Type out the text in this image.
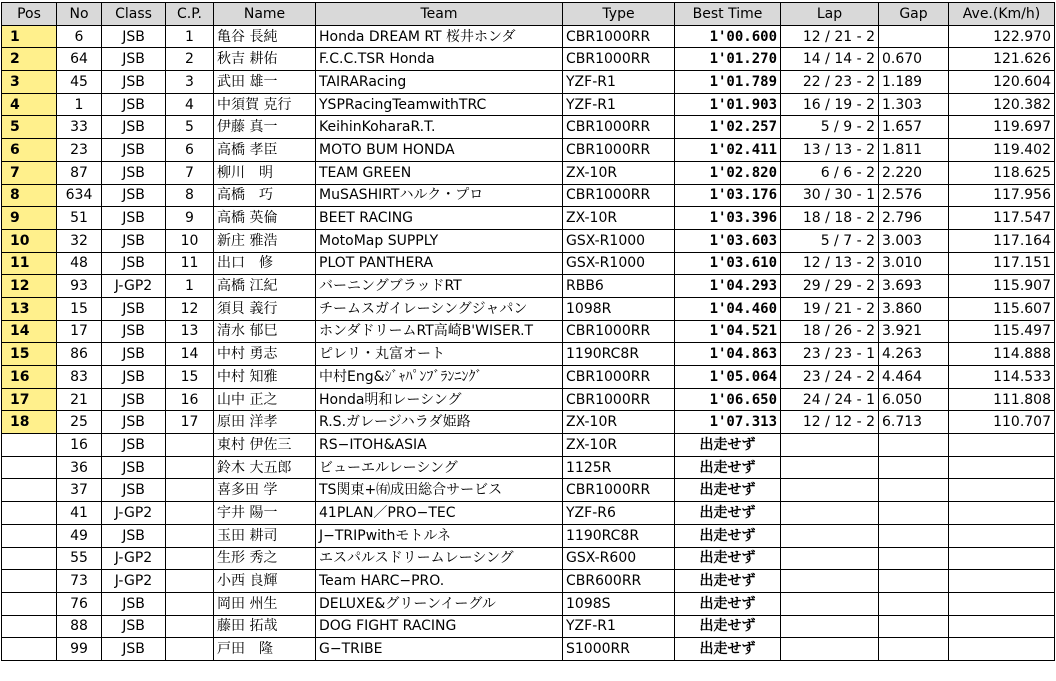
Pos	No	Class	C.P.	Name	Team	Type	Best Time	Lap	Gap	Ave.(Km/h)
1	6	JSB	1	亀谷 長純	Honda DREAM RT 桜井ホンダ	CBR1000RR	1'00.600	12 / 21 - 2		122.970
2	64	JSB	2	秋吉 耕佑	F.C.C.TSR Honda	CBR1000RR	1'01.270	14 / 14 - 2	0.670	121.626
3	45	JSB	3	武田 雄一	TAIRARacing	YZF-R1	1'01.789	22 / 23 - 2	1.189	120.604
4	1	JSB	4	中須賀 克行	YSPRacingTeamwithTRC	YZF-R1	1'01.903	16 / 19 - 2	1.303	120.382
5	33	JSB	5	伊藤 真一	KeihinKoharaR.T.	CBR1000RR	1'02.257	5 / 9 - 2	1.657	119.697
6	23	JSB	6	高橋 孝臣	MOTO BUM HONDA	CBR1000RR	1'02.411	13 / 13 - 2	1.811	119.402
7	87	JSB	7	柳川　明	TEAM GREEN	ZX-10R	1'02.820	6 / 6 - 2	2.220	118.625
8	634	JSB	8	高橋　巧	MuSASHIRTハルク・プロ	CBR1000RR	1'03.176	30 / 30 - 1	2.576	117.956
9	51	JSB	9	高橋 英倫	BEET RACING	ZX-10R	1'03.396	18 / 18 - 2	2.796	117.547
10	32	JSB	10	新庄 雅浩	MotoMap SUPPLY	GSX-R1000	1'03.603	5 / 7 - 2	3.003	117.164
11	48	JSB	11	出口　修	PLOT PANTHERA	GSX-R1000	1'03.610	12 / 13 - 2	3.010	117.151
12	93	J-GP2	1	高橋 江紀	バーニングブラッドRT	RBB6	1'04.293	29 / 29 - 2	3.693	115.907
13	15	JSB	12	須貝 義行	チームスガイレーシングジャパン	1098R	1'04.460	19 / 21 - 2	3.860	115.607
14	17	JSB	13	清水 郁巳	ホンダドリームRT高崎B'WISER.T	CBR1000RR	1'04.521	18 / 26 - 2	3.921	115.497
15	86	JSB	14	中村 勇志	ピレリ・丸富オート	1190RC8R	1'04.863	23 / 23 - 1	4.263	114.888
16	83	JSB	15	中村 知雅	中村Eng&ｼﾞｬﾊﾟﾝﾌﾞﾗﾝﾆﾝｸﾞ	CBR1000RR	1'05.064	23 / 24 - 2	4.464	114.533
17	21	JSB	16	山中 正之	Honda明和レーシング	CBR1000RR	1'06.650	24 / 24 - 1	6.050	111.808
18	25	JSB	17	原田 洋孝	R.S.ガレージハラダ姫路	ZX-10R	1'07.313	12 / 12 - 2	6.713	110.707
	16	JSB		東村 伊佐三	RS−ITOH&ASIA	ZX-10R	出走せず			
	36	JSB		鈴木 大五郎	ビューエルレーシング	1125R	出走せず			
	37	JSB		喜多田 学	TS関東+㈲成田総合サービス	CBR1000RR	出走せず			
	41	J-GP2		宇井 陽一	41PLAN／PRO−TEC	YZF-R6	出走せず			
	49	JSB		玉田 耕司	J−TRIPwithモトルネ	1190RC8R	出走せず			
	55	J-GP2		生形 秀之	エスパルスドリームレーシング	GSX-R600	出走せず			
	73	J-GP2		小西 良輝	Team HARC−PRO.	CBR600RR	出走せず			
	76	JSB		岡田 州生	DELUXE&グリーンイーグル	1098S	出走せず			
	88	JSB		藤田 拓哉	DOG FIGHT RACING	YZF-R1	出走せず			
	99	JSB		戸田　隆	G−TRIBE	S1000RR	出走せず			
